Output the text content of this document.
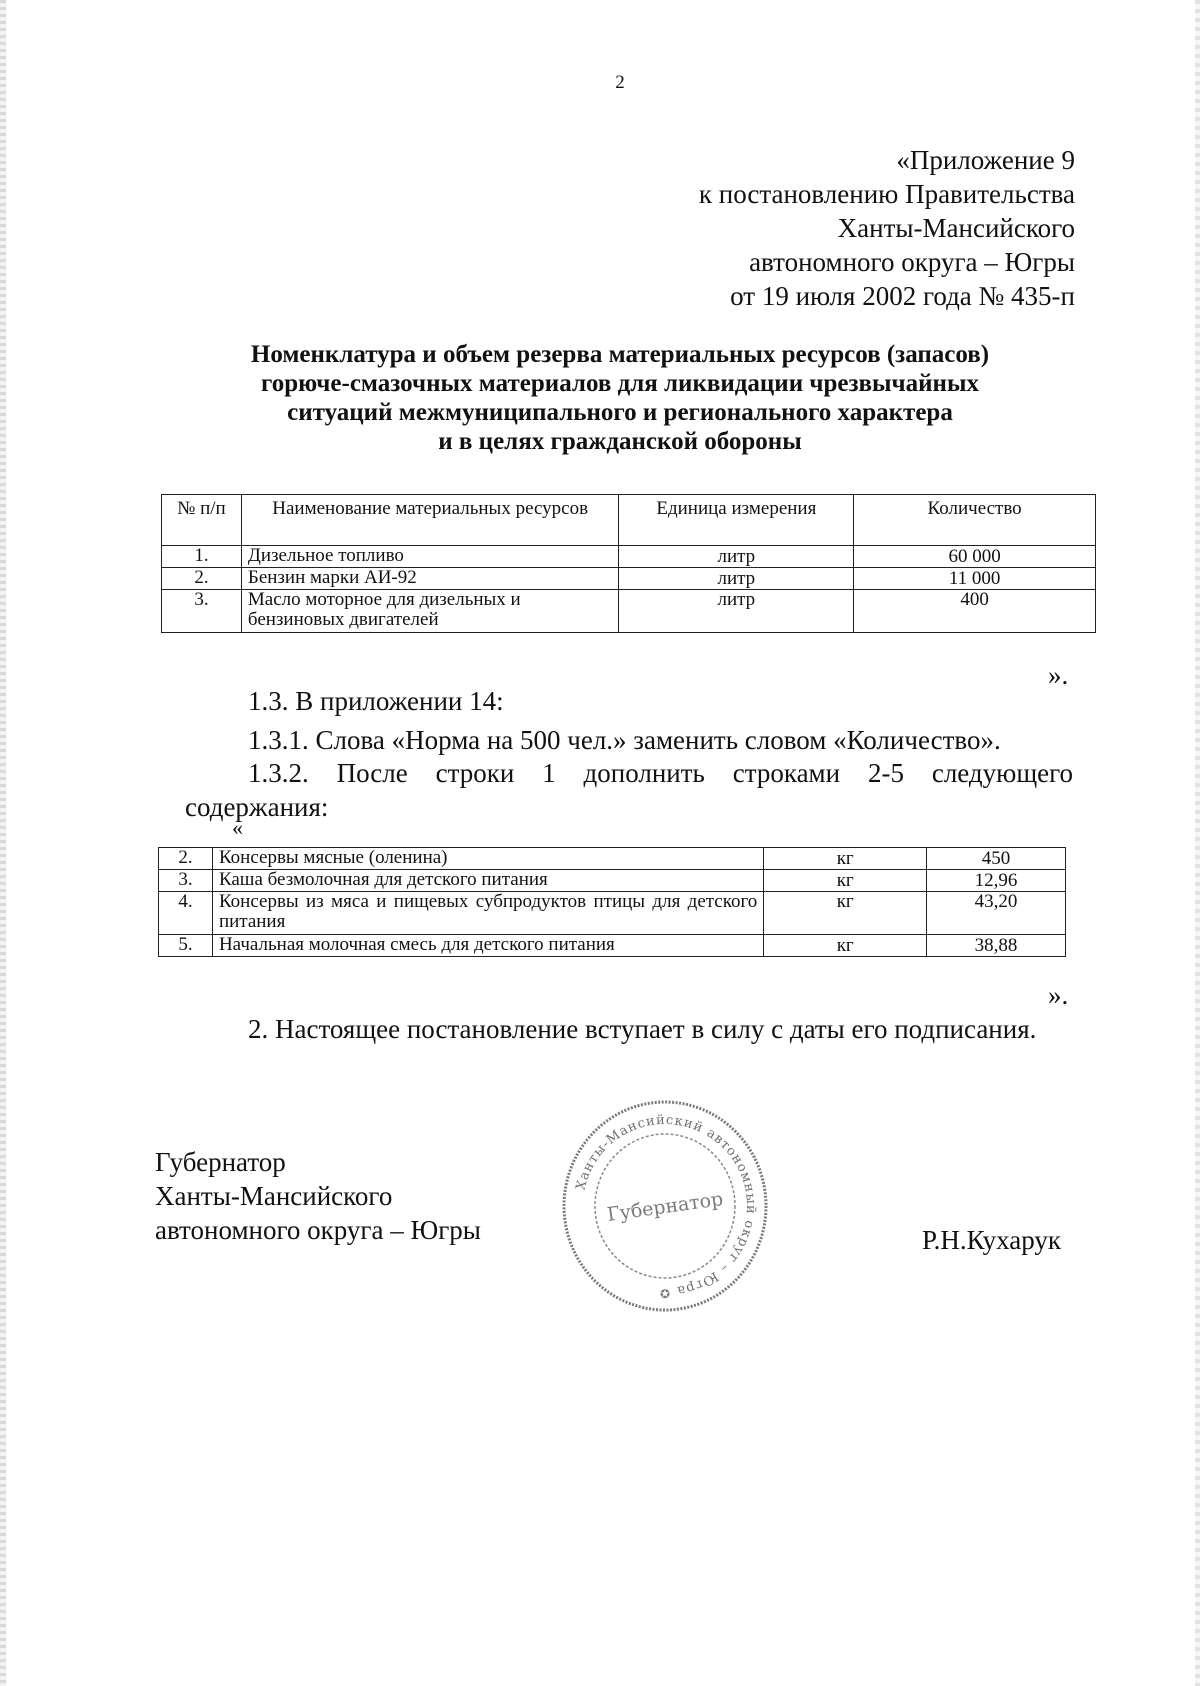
2
«Приложение 9
к постановлению Правительства
Ханты-Мансийского
автономного округа – Югры
от 19 июля 2002 года № 435-п
Номенклатура и объем резерва материальных ресурсов (запасов)
горюче-смазочных материалов для ликвидации чрезвычайных
ситуаций межмуниципального и регионального характера
и в целях гражданской обороны
№ п/п	Наименование материальных ресурсов	Единица измерения	Количество
1.	Дизельное топливо	литр	60 000
2.	Бензин марки АИ-92	литр	11 000
3.	Масло моторное для дизельных и бензиновых двигателей	литр	400
».
1.3. В приложении 14:
1.3.1. Слова «Норма на 500 чел.» заменить словом «Количество».
1.3.2. После строки 1 дополнить строками 2-5 следующего
содержания:
«
2.	Консервы мясные (оленина)	кг	450
3.	Каша безмолочная для детского питания	кг	12,96
4.	Консервы из мяса и пищевых субпродуктов птицы для детского питания	кг	43,20
5.	Начальная молочная смесь для детского питания	кг	38,88
».
2. Настоящее постановление вступает в силу с даты его подписания.
Губернатор
Ханты-Мансийского
автономного округа – Югры
Ханты-Мансийский автономный округ – Югра
Губернатор
✪
Р.Н.Кухарук
